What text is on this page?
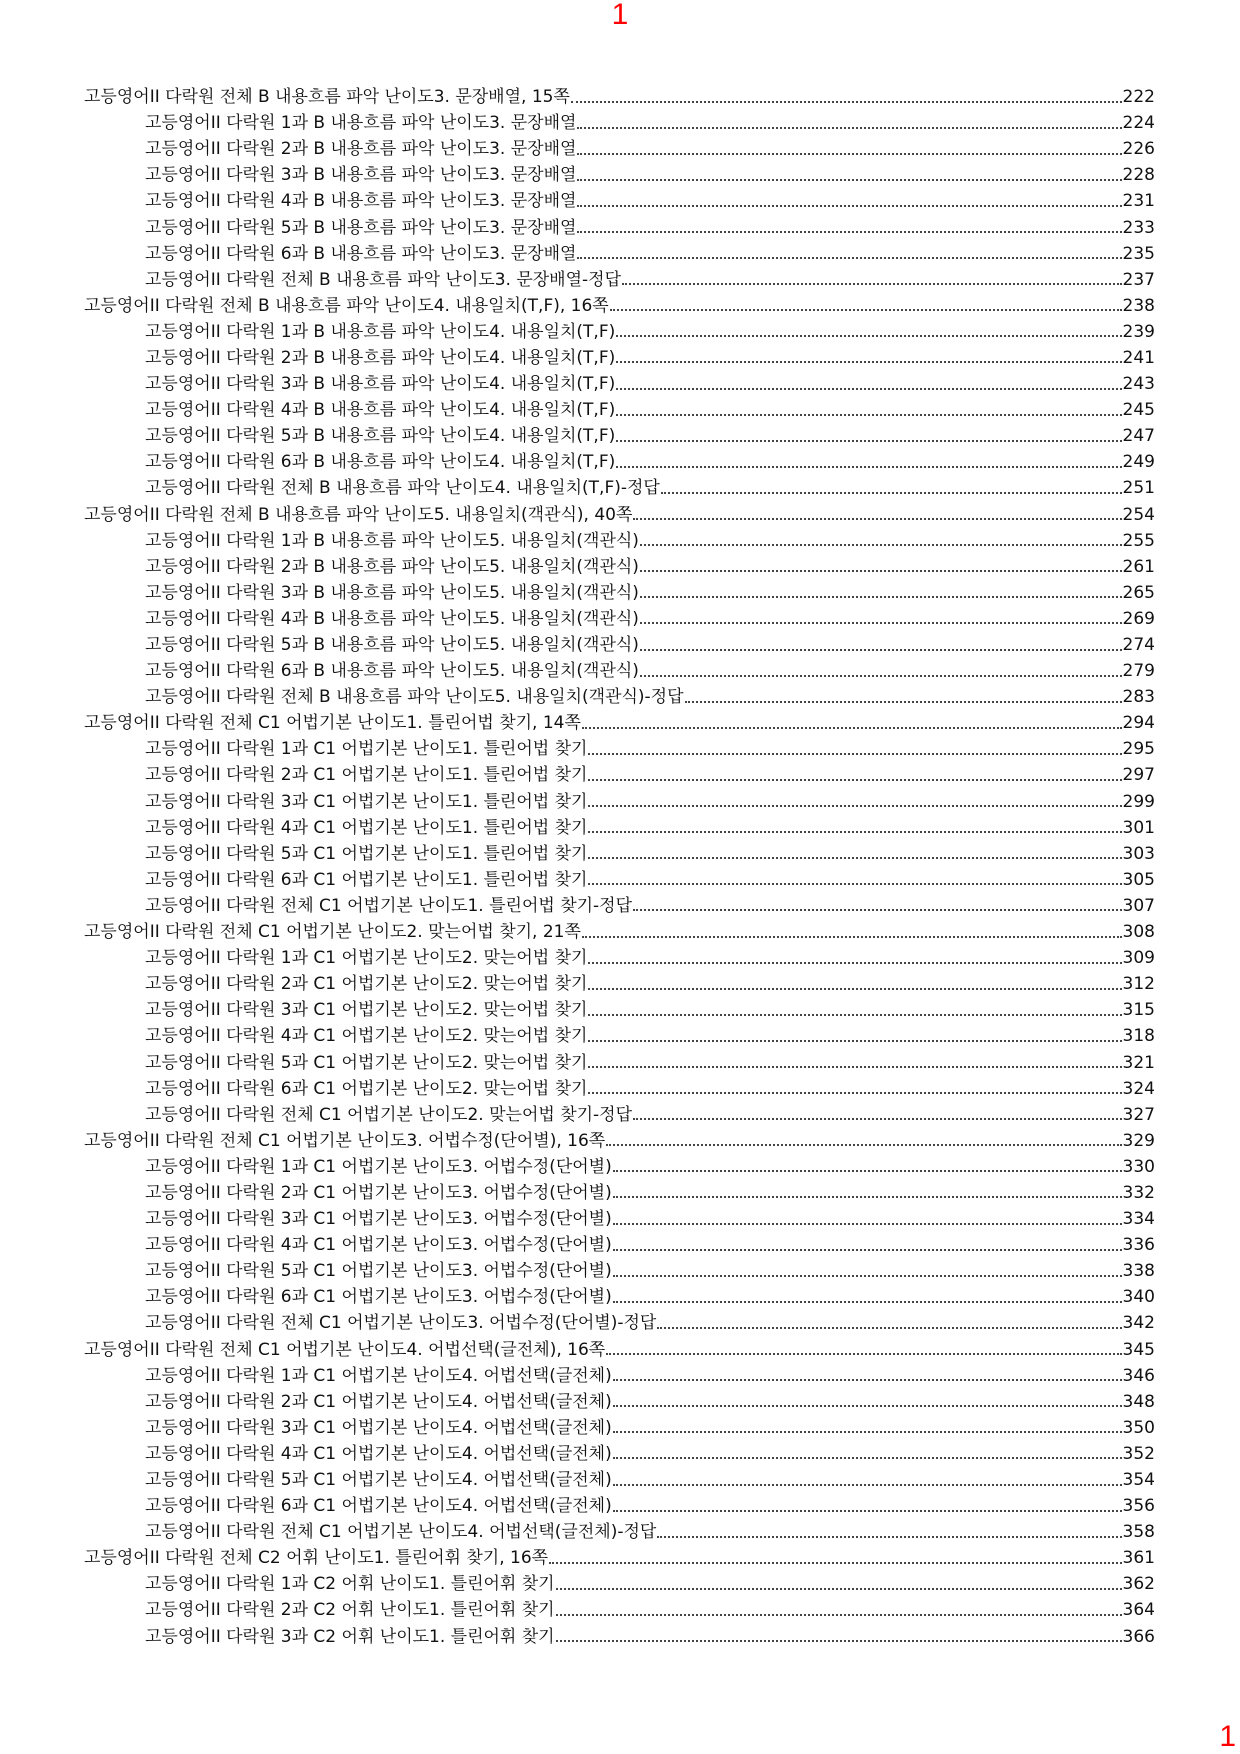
1
고등영어II 다락원 전체 B 내용흐름 파악 난이도3. 문장배열, 15쪽	222
고등영어II 다락원 1과 B 내용흐름 파악 난이도3. 문장배열	224
고등영어II 다락원 2과 B 내용흐름 파악 난이도3. 문장배열	226
고등영어II 다락원 3과 B 내용흐름 파악 난이도3. 문장배열	228
고등영어II 다락원 4과 B 내용흐름 파악 난이도3. 문장배열	231
고등영어II 다락원 5과 B 내용흐름 파악 난이도3. 문장배열	233
고등영어II 다락원 6과 B 내용흐름 파악 난이도3. 문장배열	235
고등영어II 다락원 전체 B 내용흐름 파악 난이도3. 문장배열-정답	237
고등영어II 다락원 전체 B 내용흐름 파악 난이도4. 내용일치(T,F), 16쪽	238
고등영어II 다락원 1과 B 내용흐름 파악 난이도4. 내용일치(T,F)	239
고등영어II 다락원 2과 B 내용흐름 파악 난이도4. 내용일치(T,F)	241
고등영어II 다락원 3과 B 내용흐름 파악 난이도4. 내용일치(T,F)	243
고등영어II 다락원 4과 B 내용흐름 파악 난이도4. 내용일치(T,F)	245
고등영어II 다락원 5과 B 내용흐름 파악 난이도4. 내용일치(T,F)	247
고등영어II 다락원 6과 B 내용흐름 파악 난이도4. 내용일치(T,F)	249
고등영어II 다락원 전체 B 내용흐름 파악 난이도4. 내용일치(T,F)-정답	251
고등영어II 다락원 전체 B 내용흐름 파악 난이도5. 내용일치(객관식), 40쪽	254
고등영어II 다락원 1과 B 내용흐름 파악 난이도5. 내용일치(객관식)	255
고등영어II 다락원 2과 B 내용흐름 파악 난이도5. 내용일치(객관식)	261
고등영어II 다락원 3과 B 내용흐름 파악 난이도5. 내용일치(객관식)	265
고등영어II 다락원 4과 B 내용흐름 파악 난이도5. 내용일치(객관식)	269
고등영어II 다락원 5과 B 내용흐름 파악 난이도5. 내용일치(객관식)	274
고등영어II 다락원 6과 B 내용흐름 파악 난이도5. 내용일치(객관식)	279
고등영어II 다락원 전체 B 내용흐름 파악 난이도5. 내용일치(객관식)-정답	283
고등영어II 다락원 전체 C1 어법기본 난이도1. 틀린어법 찾기, 14쪽	294
고등영어II 다락원 1과 C1 어법기본 난이도1. 틀린어법 찾기	295
고등영어II 다락원 2과 C1 어법기본 난이도1. 틀린어법 찾기	297
고등영어II 다락원 3과 C1 어법기본 난이도1. 틀린어법 찾기	299
고등영어II 다락원 4과 C1 어법기본 난이도1. 틀린어법 찾기	301
고등영어II 다락원 5과 C1 어법기본 난이도1. 틀린어법 찾기	303
고등영어II 다락원 6과 C1 어법기본 난이도1. 틀린어법 찾기	305
고등영어II 다락원 전체 C1 어법기본 난이도1. 틀린어법 찾기-정답	307
고등영어II 다락원 전체 C1 어법기본 난이도2. 맞는어법 찾기, 21쪽	308
고등영어II 다락원 1과 C1 어법기본 난이도2. 맞는어법 찾기	309
고등영어II 다락원 2과 C1 어법기본 난이도2. 맞는어법 찾기	312
고등영어II 다락원 3과 C1 어법기본 난이도2. 맞는어법 찾기	315
고등영어II 다락원 4과 C1 어법기본 난이도2. 맞는어법 찾기	318
고등영어II 다락원 5과 C1 어법기본 난이도2. 맞는어법 찾기	321
고등영어II 다락원 6과 C1 어법기본 난이도2. 맞는어법 찾기	324
고등영어II 다락원 전체 C1 어법기본 난이도2. 맞는어법 찾기-정답	327
고등영어II 다락원 전체 C1 어법기본 난이도3. 어법수정(단어별), 16쪽	329
고등영어II 다락원 1과 C1 어법기본 난이도3. 어법수정(단어별)	330
고등영어II 다락원 2과 C1 어법기본 난이도3. 어법수정(단어별)	332
고등영어II 다락원 3과 C1 어법기본 난이도3. 어법수정(단어별)	334
고등영어II 다락원 4과 C1 어법기본 난이도3. 어법수정(단어별)	336
고등영어II 다락원 5과 C1 어법기본 난이도3. 어법수정(단어별)	338
고등영어II 다락원 6과 C1 어법기본 난이도3. 어법수정(단어별)	340
고등영어II 다락원 전체 C1 어법기본 난이도3. 어법수정(단어별)-정답	342
고등영어II 다락원 전체 C1 어법기본 난이도4. 어법선택(글전체), 16쪽	345
고등영어II 다락원 1과 C1 어법기본 난이도4. 어법선택(글전체)	346
고등영어II 다락원 2과 C1 어법기본 난이도4. 어법선택(글전체)	348
고등영어II 다락원 3과 C1 어법기본 난이도4. 어법선택(글전체)	350
고등영어II 다락원 4과 C1 어법기본 난이도4. 어법선택(글전체)	352
고등영어II 다락원 5과 C1 어법기본 난이도4. 어법선택(글전체)	354
고등영어II 다락원 6과 C1 어법기본 난이도4. 어법선택(글전체)	356
고등영어II 다락원 전체 C1 어법기본 난이도4. 어법선택(글전체)-정답	358
고등영어II 다락원 전체 C2 어휘 난이도1. 틀린어휘 찾기, 16쪽	361
고등영어II 다락원 1과 C2 어휘 난이도1. 틀린어휘 찾기	362
고등영어II 다락원 2과 C2 어휘 난이도1. 틀린어휘 찾기	364
고등영어II 다락원 3과 C2 어휘 난이도1. 틀린어휘 찾기	366
1
